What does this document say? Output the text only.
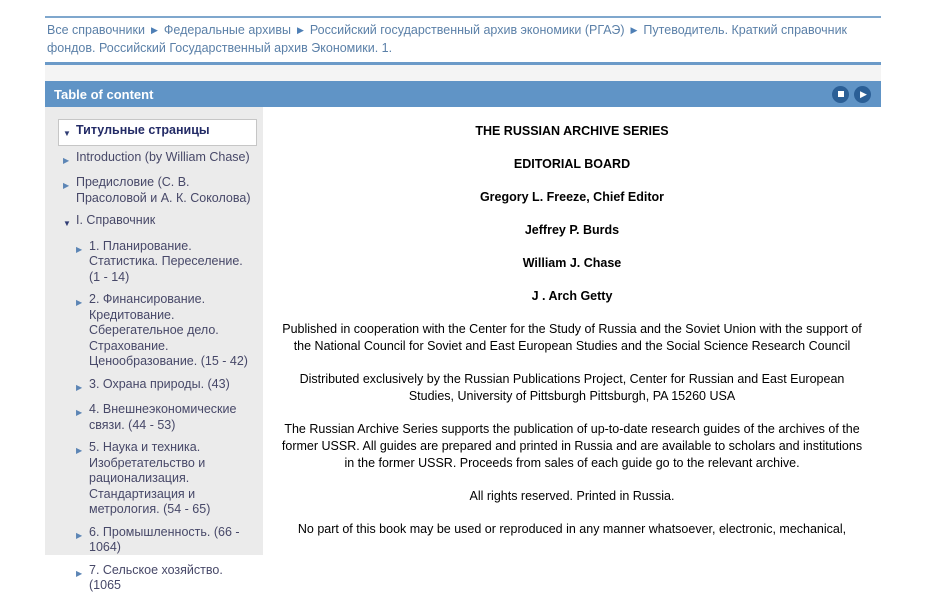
Все справочники ▶ Федеральные архивы ▶ Российский государственный архив экономики (РГАЭ) ▶ Путеводитель. Краткий справочник фондов. Российский Государственный архив Экономики. 1.
Table of content	▶
▼ Титульные страницы
▶ Introduction (by William Chase)
▶ Предисловие (С. В. Прасоловой и А. К. Соколова)
▼ I. Справочник
▶ 1. Планирование. Статистика. Переселение. (1 - 14)
▶ 2. Финансирование. Кредитование. Сберегательное дело. Страхование. Ценообразование. (15 - 42)
▶ 3. Охрана природы. (43)
▶ 4. Внешнеэкономические связи. (44 - 53)
▶ 5. Наука и техника. Изобретательство и рационализация. Стандартизация и метрология. (54 - 65)
▶ 6. Промышленность. (66 - 1064)
▶ 7. Сельское хозяйство. (1065
THE RUSSIAN ARCHIVE SERIES
EDITORIAL BOARD
Gregory L. Freeze, Chief Editor
Jeffrey P. Burds
William J. Chase
J . Arch Getty
Published in cooperation with the Center for the Study of Russia and the Soviet Union with the support of the National Council for Soviet and East European Studies and the Social Science Research Council
Distributed exclusively by the Russian Publications Project, Center for Russian and East European Studies, University of Pittsburgh Pittsburgh, PA 15260 USA
The Russian Archive Series supports the publication of up-to-date research guides of the archives of the former USSR. All guides are prepared and printed in Russia and are available to scholars and institutions in the former USSR. Proceeds from sales of each guide go to the relevant archive.
All rights reserved. Printed in Russia.
No part of this book may be used or reproduced in any manner whatsoever, electronic, mechanical,
